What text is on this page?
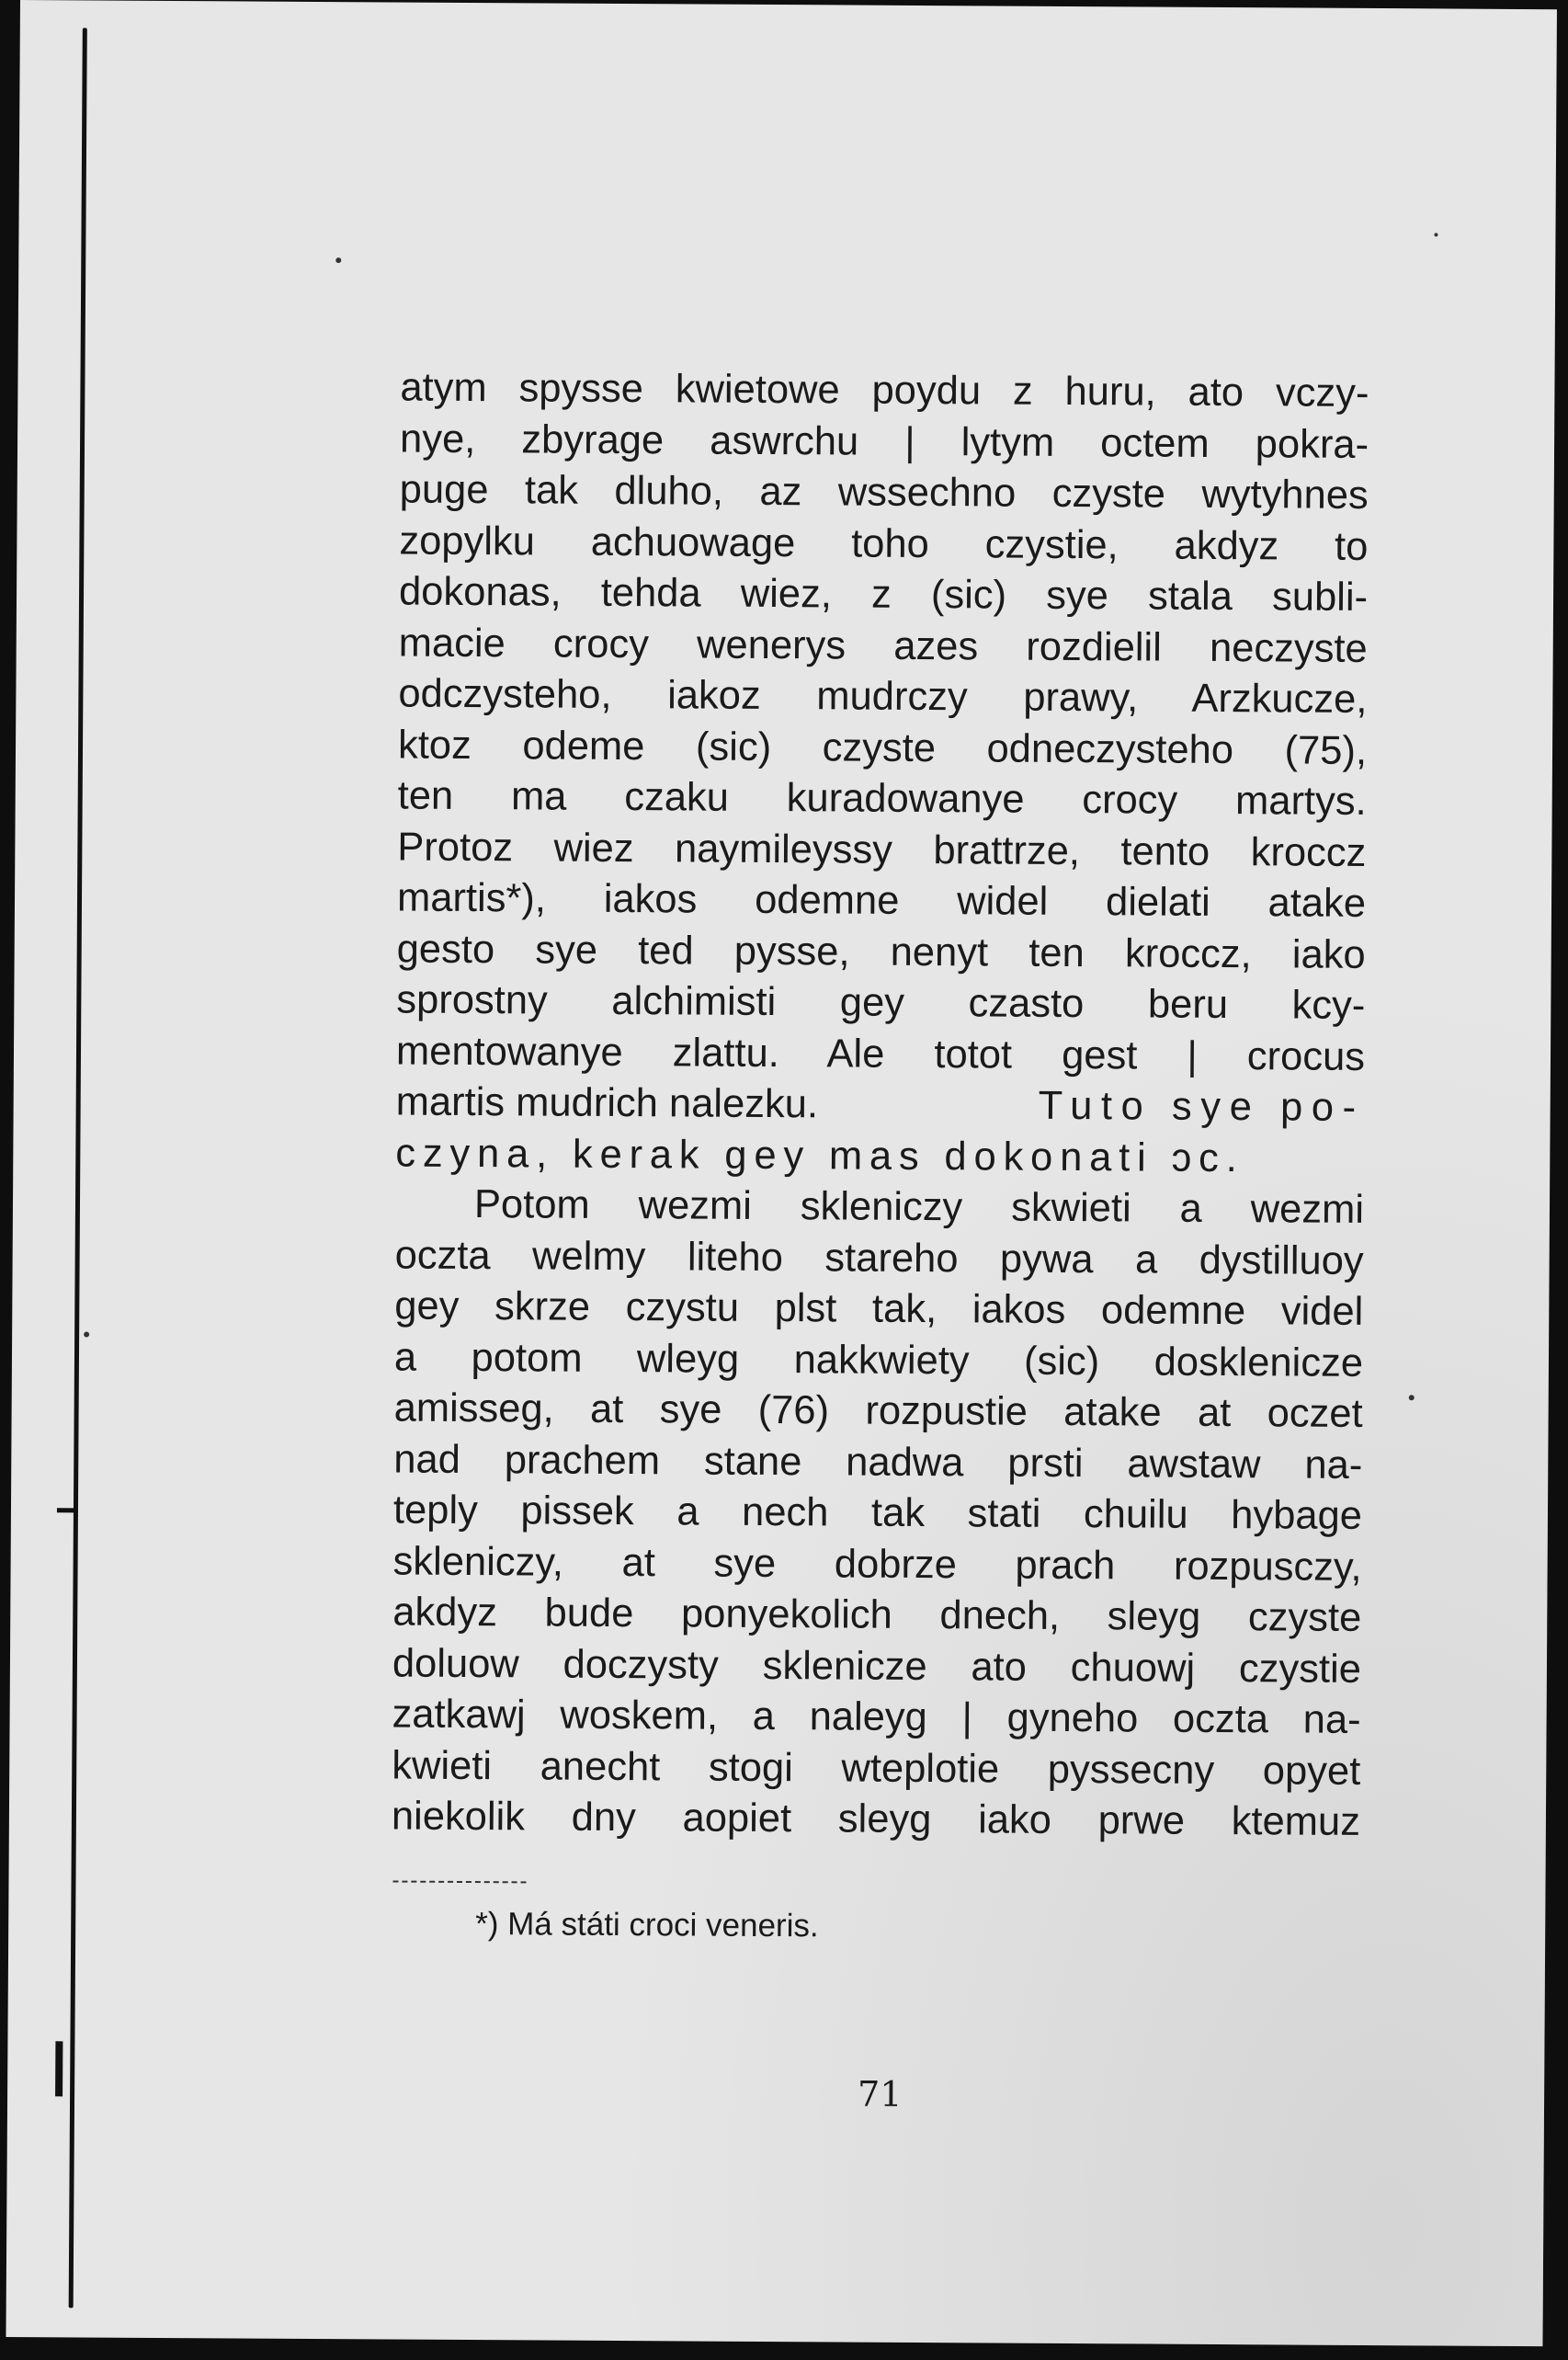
atym spysse kwietowe poydu z huru, ato vczy-
nye, zbyrage aswrchu | lytym octem pokra-
puge tak dluho, az wssechno czyste wytyhnes
zopylku achuowage toho czystie, akdyz to
dokonas, tehda wiez, z (sic) sye stala subli-
macie crocy wenerys azes rozdielil neczyste
odczysteho, iakoz mudrczy prawy, Arzkucze,
ktoz odeme (sic) czyste odneczysteho (75),
ten ma czaku kuradowanye crocy martys.
Protoz wiez naymileyssy brattrze, tento kroccz
martis*), iakos odemne widel dielati atake
gesto sye ted pysse, nenyt ten kroccz, iako
sprostny alchimisti gey czasto beru kcy-
mentowanye zlattu. Ale totot gest | crocus
martis mudrich nalezku.	Tuto sye po-
czyna, kerak gey mas dokonati ɔc.
Potom wezmi skleniczy skwieti a wezmi
oczta welmy liteho stareho pywa a dystilluoy
gey skrze czystu plst tak, iakos odemne videl
a potom wleyg nakkwiety (sic) dosklenicze
amisseg, at sye (76) rozpustie atake at oczet
nad prachem stane nadwa prsti awstaw na-
teply pissek a nech tak stati chuilu hybage
skleniczy, at sye dobrze prach rozpusczy,
akdyz bude ponyekolich dnech, sleyg czyste
doluow doczysty sklenicze ato chuowj czystie
zatkawj woskem, a naleyg | gyneho oczta na-
kwieti anecht stogi wteplotie pyssecny opyet
niekolik dny aopiet sleyg iako prwe ktemuz
*) Má státi croci veneris.
71
